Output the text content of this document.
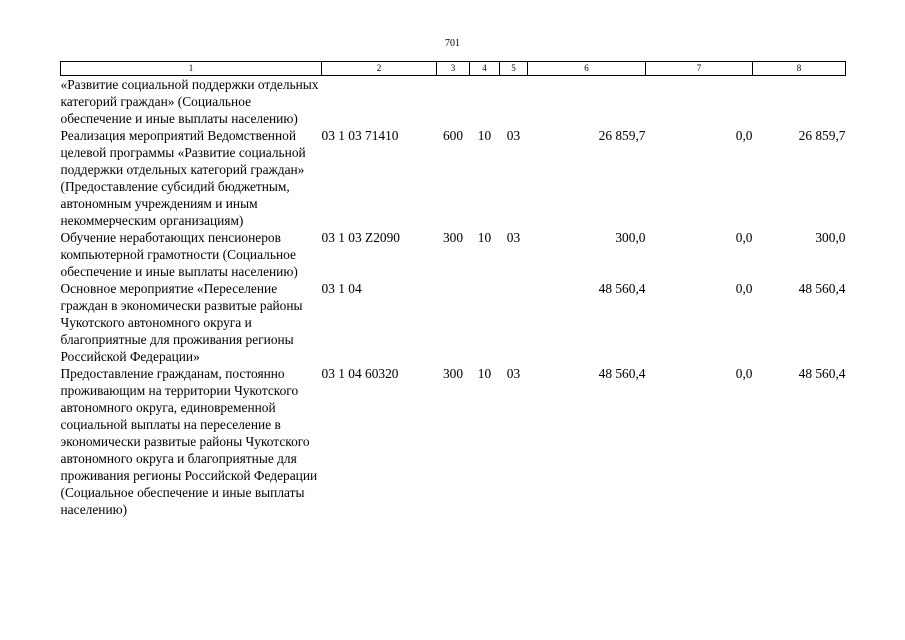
701
1	2	3	4	5	6	7	8
«Развитие социальной поддержки отдельных категорий граждан» (Социальное обеспечение и иные выплаты населению)							
Реализация мероприятий Ведомственной целевой программы «Развитие социальной поддержки отдельных категорий граждан» (Предоставление субсидий бюджетным, автономным учреждениям и иным некоммерческим организациям)	03 1 03 71410	600	10	03	26 859,7	0,0	26 859,7
Обучение неработающих пенсионеров компьютерной грамотности (Социальное обеспечение и иные выплаты населению)	03 1 03 Z2090	300	10	03	300,0	0,0	300,0
Основное мероприятие «Переселение граждан в экономически развитые районы Чукотского автономного округа и благоприятные для проживания регионы Российской Федерации»	03 1 04				48 560,4	0,0	48 560,4
Предоставление гражданам, постоянно проживающим на территории Чукотского автономного округа, единовременной социальной выплаты на переселение в экономически развитые районы Чукотского автономного округа и благоприятные для проживания регионы Российской Федерации (Социальное обеспечение и иные выплаты населению)	03 1 04 60320	300	10	03	48 560,4	0,0	48 560,4
